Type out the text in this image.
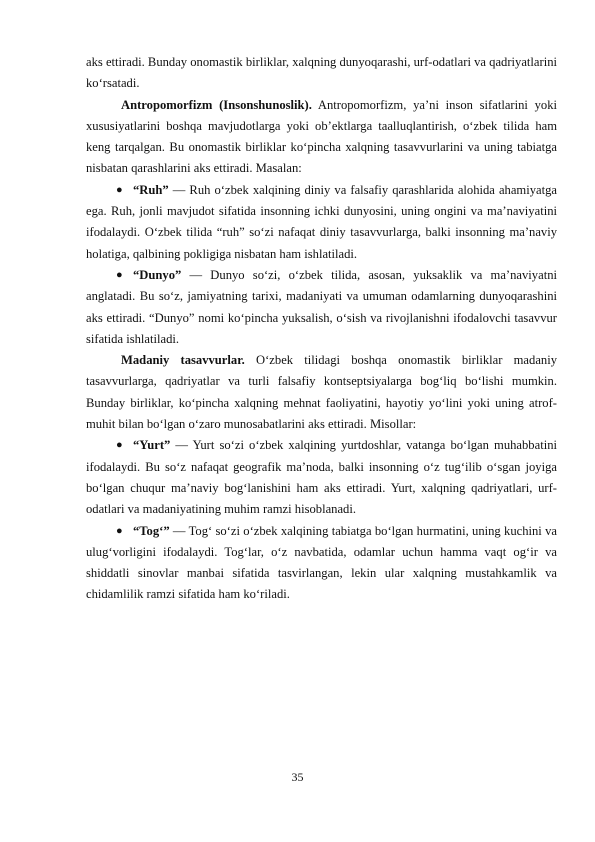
aks ettiradi. Bunday onomastik birliklar, xalqning dunyoqarashi, urf-odatlari va qadriyatlarini ko‘rsatadi.

Antropomorfizm (Insonshunoslik). Antropomorfizm, ya’ni inson sifatlarini yoki xususiyatlarini boshqa mavjudotlarga yoki ob’ektlarga taalluqlantirish, o‘zbek tilida ham keng tarqalgan. Bu onomastik birliklar ko‘pincha xalqning tasavvurlarini va uning tabiatga nisbatan qarashlarini aks ettiradi. Masalan:

● “Ruh” — Ruh o‘zbek xalqining diniy va falsafiy qarashlarida alohida ahamiyatga ega. Ruh, jonli mavjudot sifatida insonning ichki dunyosini, uning ongini va ma’naviyatini ifodalaydi. O‘zbek tilida “ruh” so‘zi nafaqat diniy tasavvurlarga, balki insonning ma’naviy holatiga, qalbining pokligiga nisbatan ham ishlatiladi.

● “Dunyo” — Dunyo so‘zi, o‘zbek tilida, asosan, yuksaklik va ma’naviyatni anglatadi. Bu so‘z, jamiyatning tarixi, madaniyati va umuman odamlarning dunyoqarashini aks ettiradi. “Dunyo” nomi ko‘pincha yuksalish, o‘sish va rivojlanishni ifodalovchi tasavvur sifatida ishlatiladi.

Madaniy tasavvurlar. O‘zbek tilidagi boshqa onomastik birliklar madaniy tasavvurlarga, qadriyatlar va turli falsafiy kontseptsiyalarga bog‘liq bo‘lishi mumkin. Bunday birliklar, ko‘pincha xalqning mehnat faoliyatini, hayotiy yo‘lini yoki uning atrof-muhit bilan bo‘lgan o‘zaro munosabatlarini aks ettiradi. Misollar:

● “Yurt” — Yurt so‘zi o‘zbek xalqining yurtdoshlar, vatanga bo‘lgan muhabbatini ifodalaydi. Bu so‘z nafaqat geografik ma’noda, balki insonning o‘z tug‘ilib o‘sgan joyiga bo‘lgan chuqur ma’naviy bog‘lanishini ham aks ettiradi. Yurt, xalqning qadriyatlari, urf-odatlari va madaniyatining muhim ramzi hisoblanadi.

● “Tog‘” — Tog‘ so‘zi o‘zbek xalqining tabiatga bo‘lgan hurmatini, uning kuchini va ulug‘vorligini ifodalaydi. Tog‘lar, o‘z navbatida, odamlar uchun hamma vaqt og‘ir va shiddatli sinovlar manbai sifatida tasvirlangan, lekin ular xalqning mustahkamlik va chidamlilik ramzi sifatida ham ko‘riladi.

35
